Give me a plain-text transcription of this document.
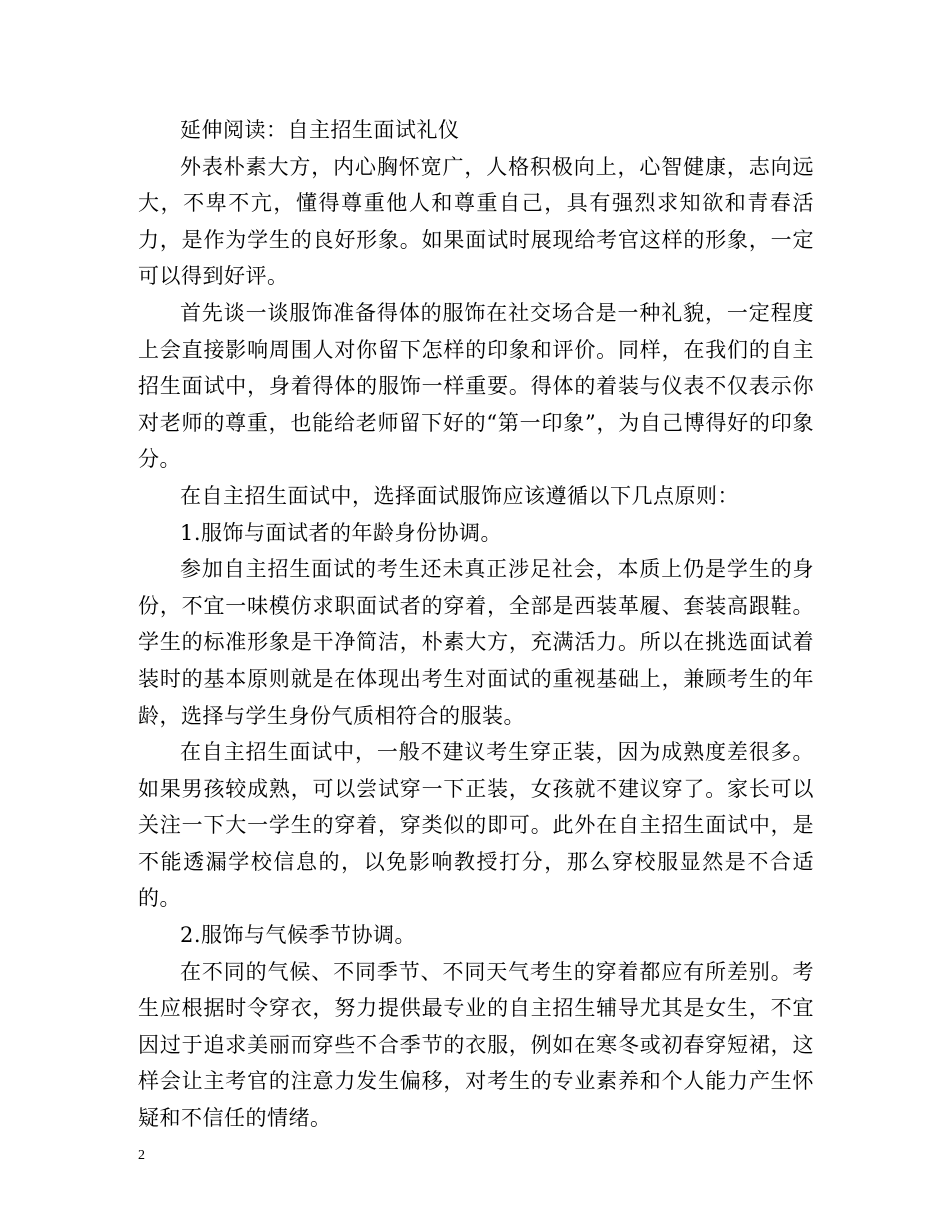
延伸阅读：自主招生面试礼仪

外表朴素大方，内心胸怀宽广，人格积极向上，心智健康，志向远大，不卑不亢，懂得尊重他人和尊重自己，具有强烈求知欲和青春活力，是作为学生的良好形象。如果面试时展现给考官这样的形象，一定可以得到好评。

首先谈一谈服饰准备得体的服饰在社交场合是一种礼貌，一定程度上会直接影响周围人对你留下怎样的印象和评价。同样，在我们的自主招生面试中，身着得体的服饰一样重要。得体的着装与仪表不仅表示你对老师的尊重，也能给老师留下好的“第一印象”，为自己博得好的印象分。

在自主招生面试中，选择面试服饰应该遵循以下几点原则：

1.服饰与面试者的年龄身份协调。

参加自主招生面试的考生还未真正涉足社会，本质上仍是学生的身份，不宜一味模仿求职面试者的穿着，全部是西装革履、套装高跟鞋。学生的标准形象是干净简洁，朴素大方，充满活力。所以在挑选面试着装时的基本原则就是在体现出考生对面试的重视基础上，兼顾考生的年龄，选择与学生身份气质相符合的服装。

在自主招生面试中，一般不建议考生穿正装，因为成熟度差很多。如果男孩较成熟，可以尝试穿一下正装，女孩就不建议穿了。家长可以关注一下大一学生的穿着，穿类似的即可。此外在自主招生面试中，是不能透漏学校信息的，以免影响教授打分，那么穿校服显然是不合适的。

2.服饰与气候季节协调。

在不同的气候、不同季节、不同天气考生的穿着都应有所差别。考生应根据时令穿衣，努力提供最专业的自主招生辅导尤其是女生，不宜因过于追求美丽而穿些不合季节的衣服，例如在寒冬或初春穿短裙，这样会让主考官的注意力发生偏移，对考生的专业素养和个人能力产生怀疑和不信任的情绪。

2
